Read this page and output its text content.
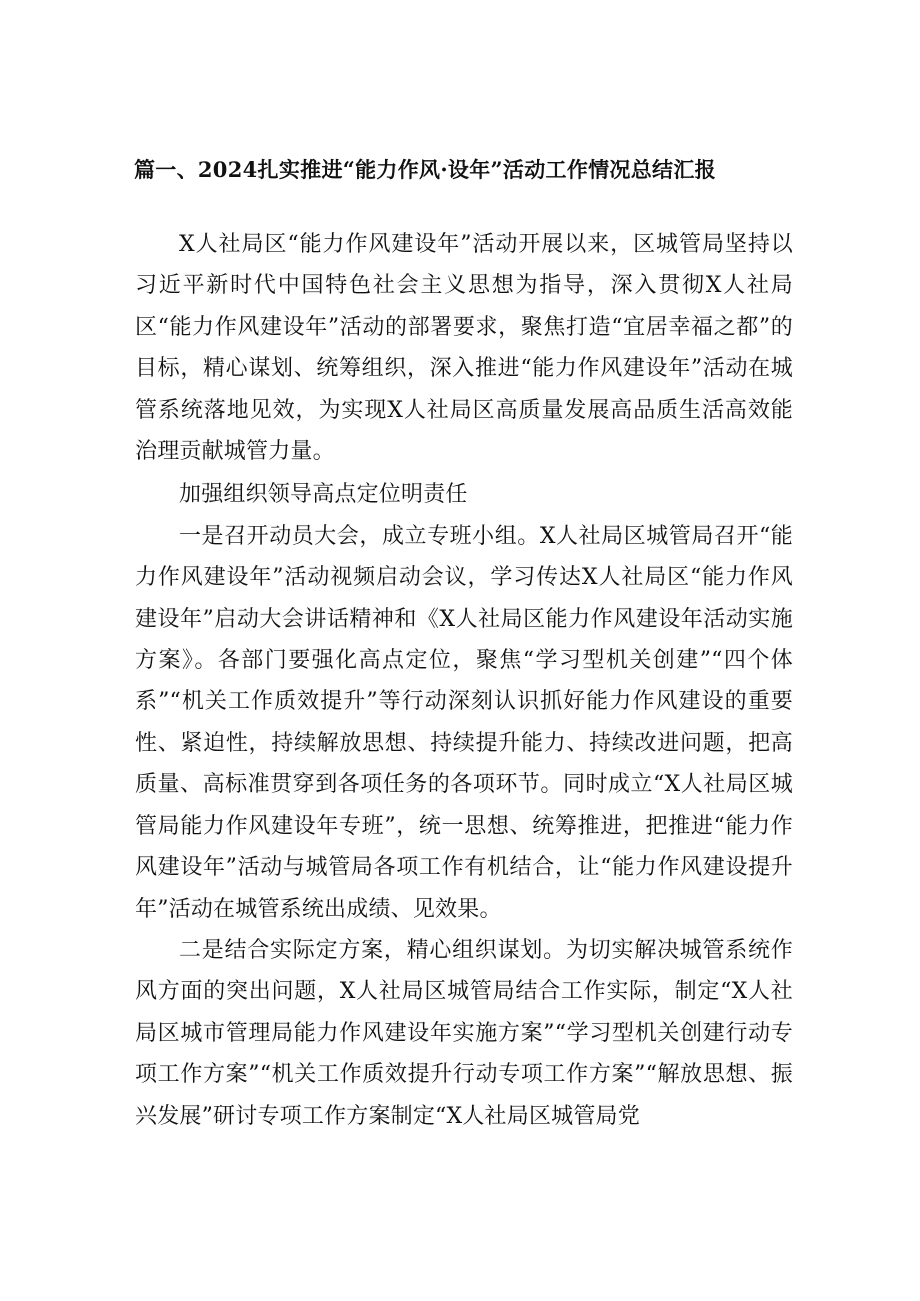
篇一、2024扎实推进“能力作风·设年”活动工作情况总结汇报

X人社局区“能力作风建设年”活动开展以来，区城管局坚持以习近平新时代中国特色社会主义思想为指导，深入贯彻X人社局区“能力作风建设年”活动的部署要求，聚焦打造“宜居幸福之都”的目标，精心谋划、统筹组织，深入推进“能力作风建设年”活动在城管系统落地见效，为实现X人社局区高质量发展高品质生活高效能治理贡献城管力量。

加强组织领导高点定位明责任

一是召开动员大会，成立专班小组。X人社局区城管局召开“能力作风建设年”活动视频启动会议，学习传达X人社局区“能力作风建设年”启动大会讲话精神和《X人社局区能力作风建设年活动实施方案》。各部门要强化高点定位，聚焦“学习型机关创建”“四个体系”“机关工作质效提升”等行动深刻认识抓好能力作风建设的重要性、紧迫性，持续解放思想、持续提升能力、持续改进问题，把高质量、高标准贯穿到各项任务的各项环节。同时成立“X人社局区城管局能力作风建设年专班”，统一思想、统筹推进，把推进“能力作风建设年”活动与城管局各项工作有机结合，让“能力作风建设提升年”活动在城管系统出成绩、见效果。

二是结合实际定方案，精心组织谋划。为切实解决城管系统作风方面的突出问题，X人社局区城管局结合工作实际，制定“X人社局区城市管理局能力作风建设年实施方案”“学习型机关创建行动专项工作方案”“机关工作质效提升行动专项工作方案”“解放思想、振兴发展”研讨专项工作方案制定“X人社局区城管局党
